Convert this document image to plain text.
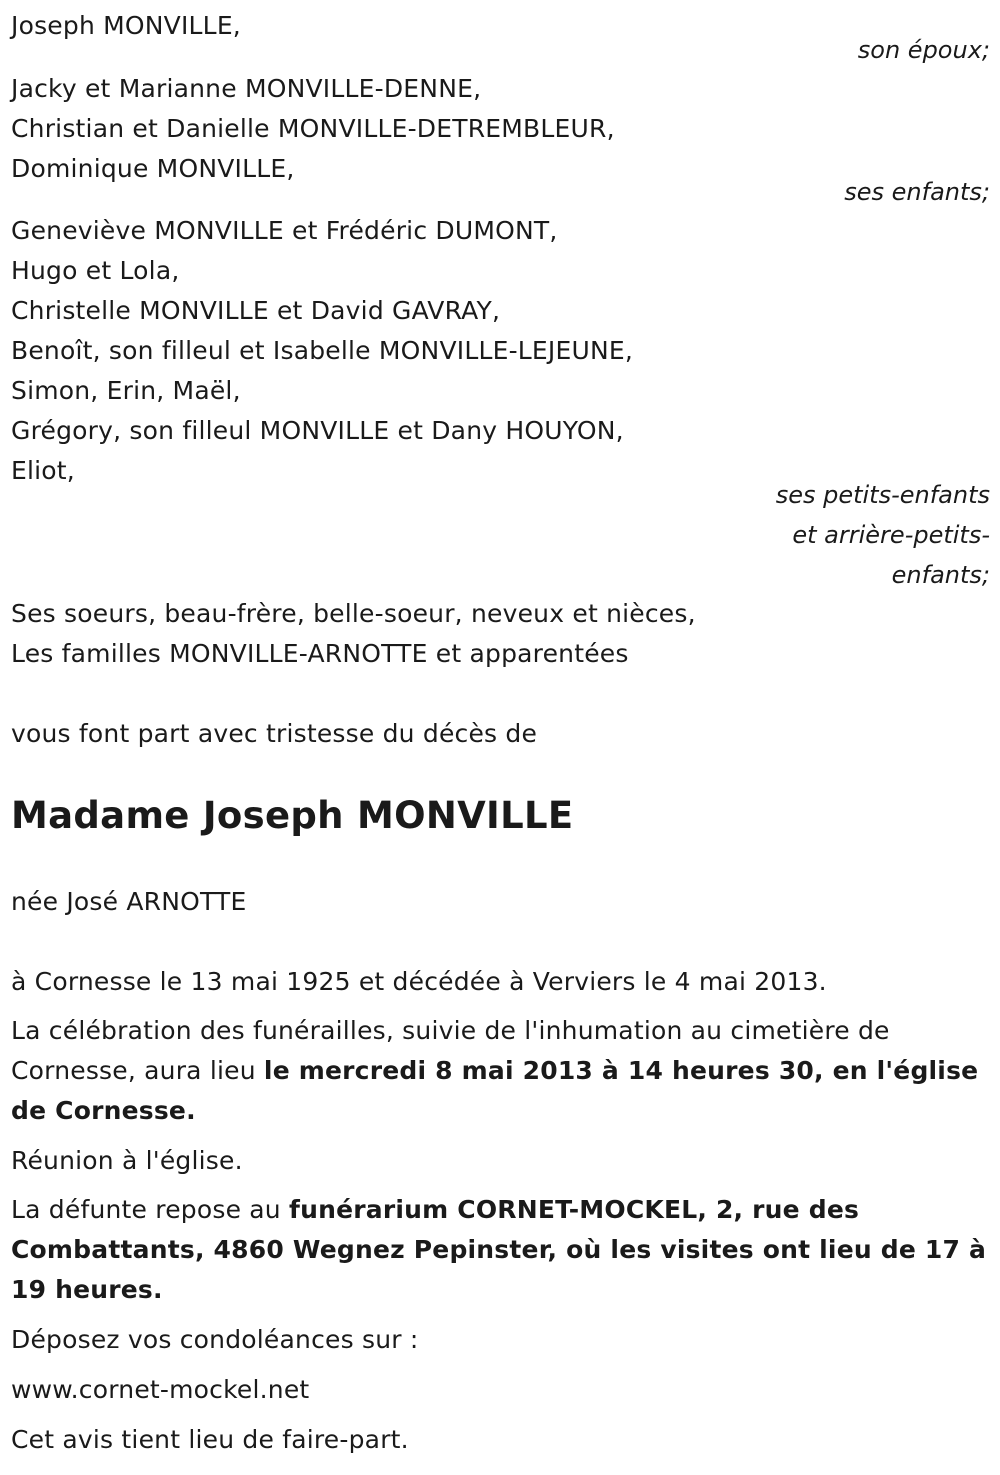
Joseph MONVILLE,
son époux;
Jacky et Marianne MONVILLE-DENNE,
Christian et Danielle MONVILLE-DETREMBLEUR,
Dominique MONVILLE,
ses enfants;
Geneviève MONVILLE et Frédéric DUMONT,
Hugo et Lola,
Christelle MONVILLE et David GAVRAY,
Benoît, son filleul et Isabelle MONVILLE-LEJEUNE,
Simon, Erin, Maël,
Grégory, son filleul MONVILLE et Dany HOUYON,
Eliot,
ses petits-enfants
et arrière-petits-
enfants;
Ses soeurs, beau-frère, belle-soeur, neveux et nièces,
Les familles MONVILLE-ARNOTTE et apparentées
vous font part avec tristesse du décès de
Madame Joseph MONVILLE
née José ARNOTTE
à Cornesse le 13 mai 1925 et décédée à Verviers le 4 mai 2013.
La célébration des funérailles, suivie de l'inhumation au cimetière de Cornesse, aura lieu le mercredi 8 mai 2013 à 14 heures 30, en l'église de Cornesse.
Réunion à l'église.
La défunte repose au funérarium CORNET-MOCKEL, 2, rue des Combattants, 4860 Wegnez Pepinster, où les visites ont lieu de 17 à 19 heures.
Déposez vos condoléances sur :
www.cornet-mockel.net
Cet avis tient lieu de faire-part.
